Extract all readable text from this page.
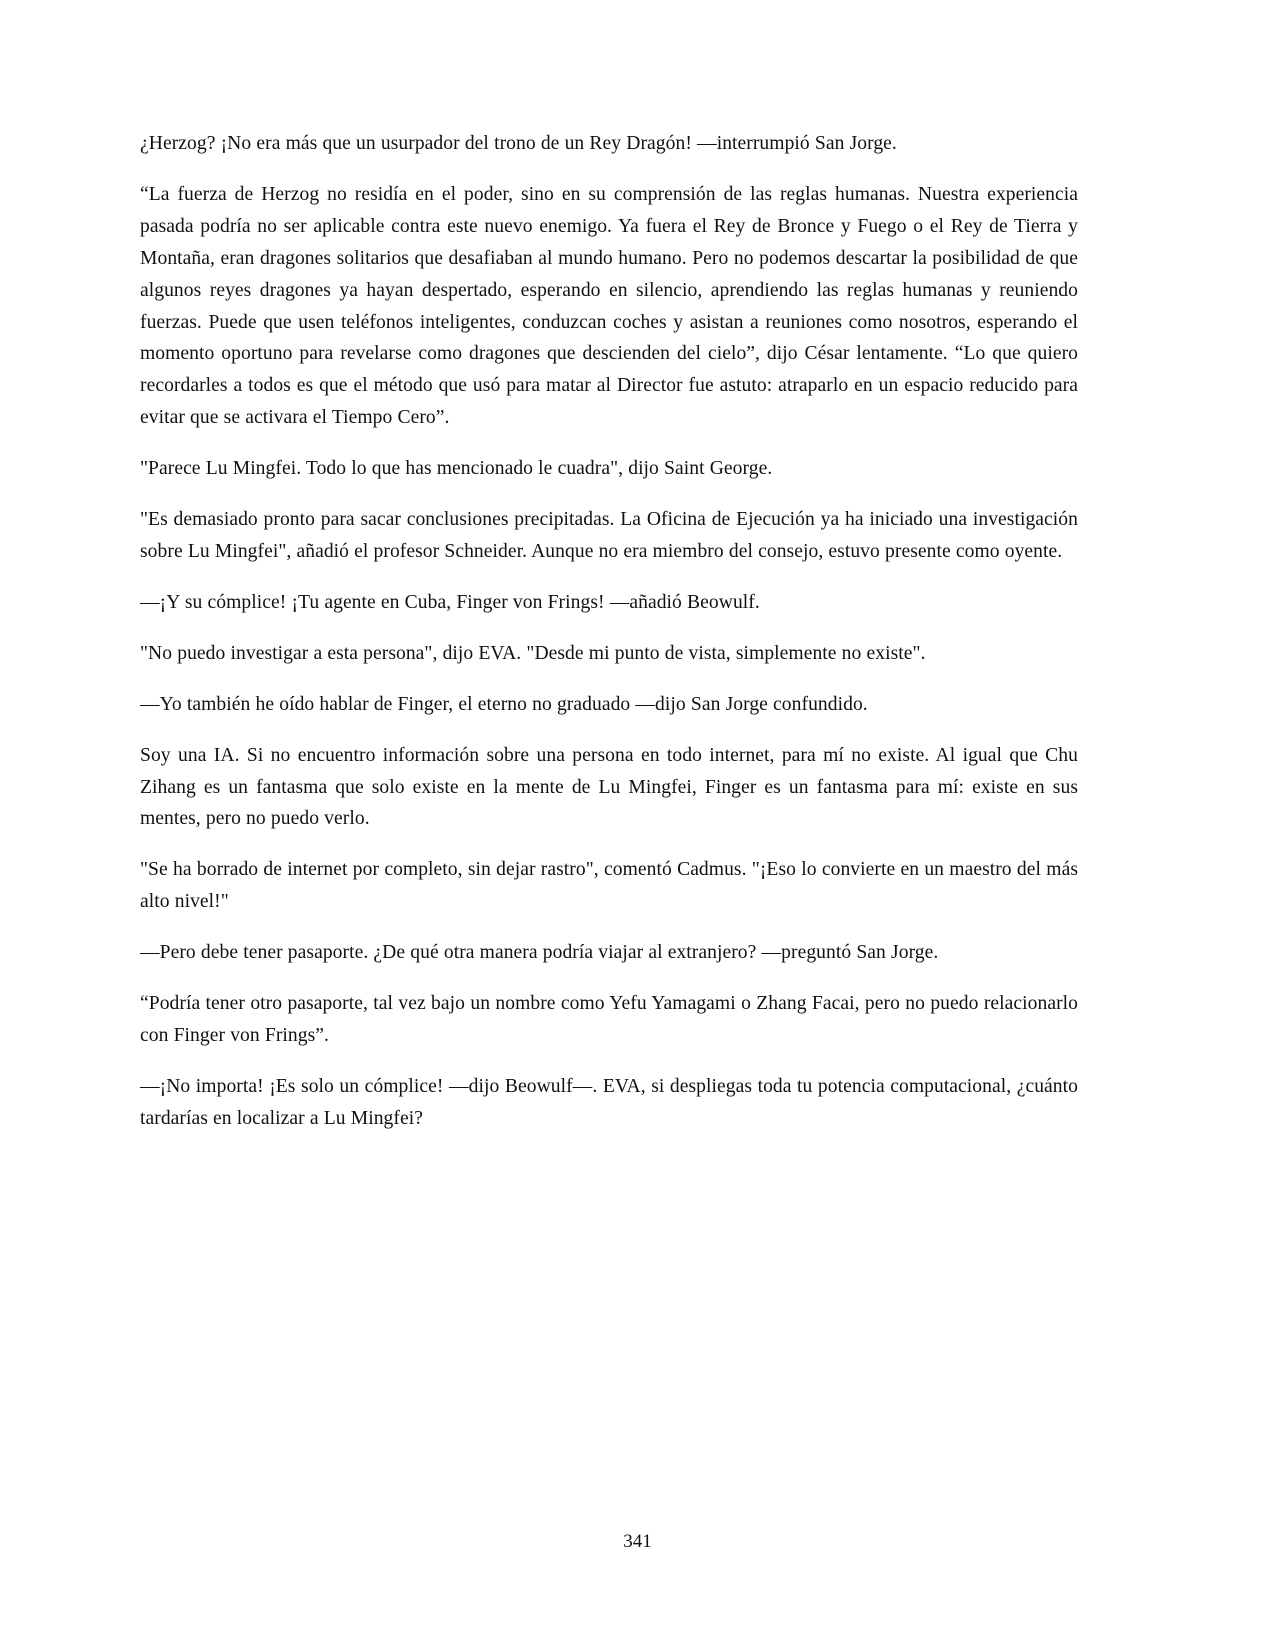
¿Herzog? ¡No era más que un usurpador del trono de un Rey Dragón! —interrumpió San Jorge.

“La fuerza de Herzog no residía en el poder, sino en su comprensión de las reglas humanas. Nuestra experiencia pasada podría no ser aplicable contra este nuevo enemigo. Ya fuera el Rey de Bronce y Fuego o el Rey de Tierra y Montaña, eran dragones solitarios que desafiaban al mundo humano. Pero no podemos descartar la posibilidad de que algunos reyes dragones ya hayan despertado, esperando en silencio, aprendiendo las reglas humanas y reuniendo fuerzas. Puede que usen teléfonos inteligentes, conduzcan coches y asistan a reuniones como nosotros, esperando el momento oportuno para revelarse como dragones que descienden del cielo”, dijo César lentamente. “Lo que quiero recordarles a todos es que el método que usó para matar al Director fue astuto: atraparlo en un espacio reducido para evitar que se activara el Tiempo Cero”.

"Parece Lu Mingfei. Todo lo que has mencionado le cuadra", dijo Saint George.

"Es demasiado pronto para sacar conclusiones precipitadas. La Oficina de Ejecución ya ha iniciado una investigación sobre Lu Mingfei", añadió el profesor Schneider. Aunque no era miembro del consejo, estuvo presente como oyente.

—¡Y su cómplice! ¡Tu agente en Cuba, Finger von Frings! —añadió Beowulf.

"No puedo investigar a esta persona", dijo EVA. "Desde mi punto de vista, simplemente no existe".

—Yo también he oído hablar de Finger, el eterno no graduado —dijo San Jorge confundido.

Soy una IA. Si no encuentro información sobre una persona en todo internet, para mí no existe. Al igual que Chu Zihang es un fantasma que solo existe en la mente de Lu Mingfei, Finger es un fantasma para mí: existe en sus mentes, pero no puedo verlo.

"Se ha borrado de internet por completo, sin dejar rastro", comentó Cadmus. "¡Eso lo convierte en un maestro del más alto nivel!"

—Pero debe tener pasaporte. ¿De qué otra manera podría viajar al extranjero? —preguntó San Jorge.

“Podría tener otro pasaporte, tal vez bajo un nombre como Yefu Yamagami o Zhang Facai, pero no puedo relacionarlo con Finger von Frings”.

—¡No importa! ¡Es solo un cómplice! —dijo Beowulf—. EVA, si despliegas toda tu potencia computacional, ¿cuánto tardarías en localizar a Lu Mingfei?

341
